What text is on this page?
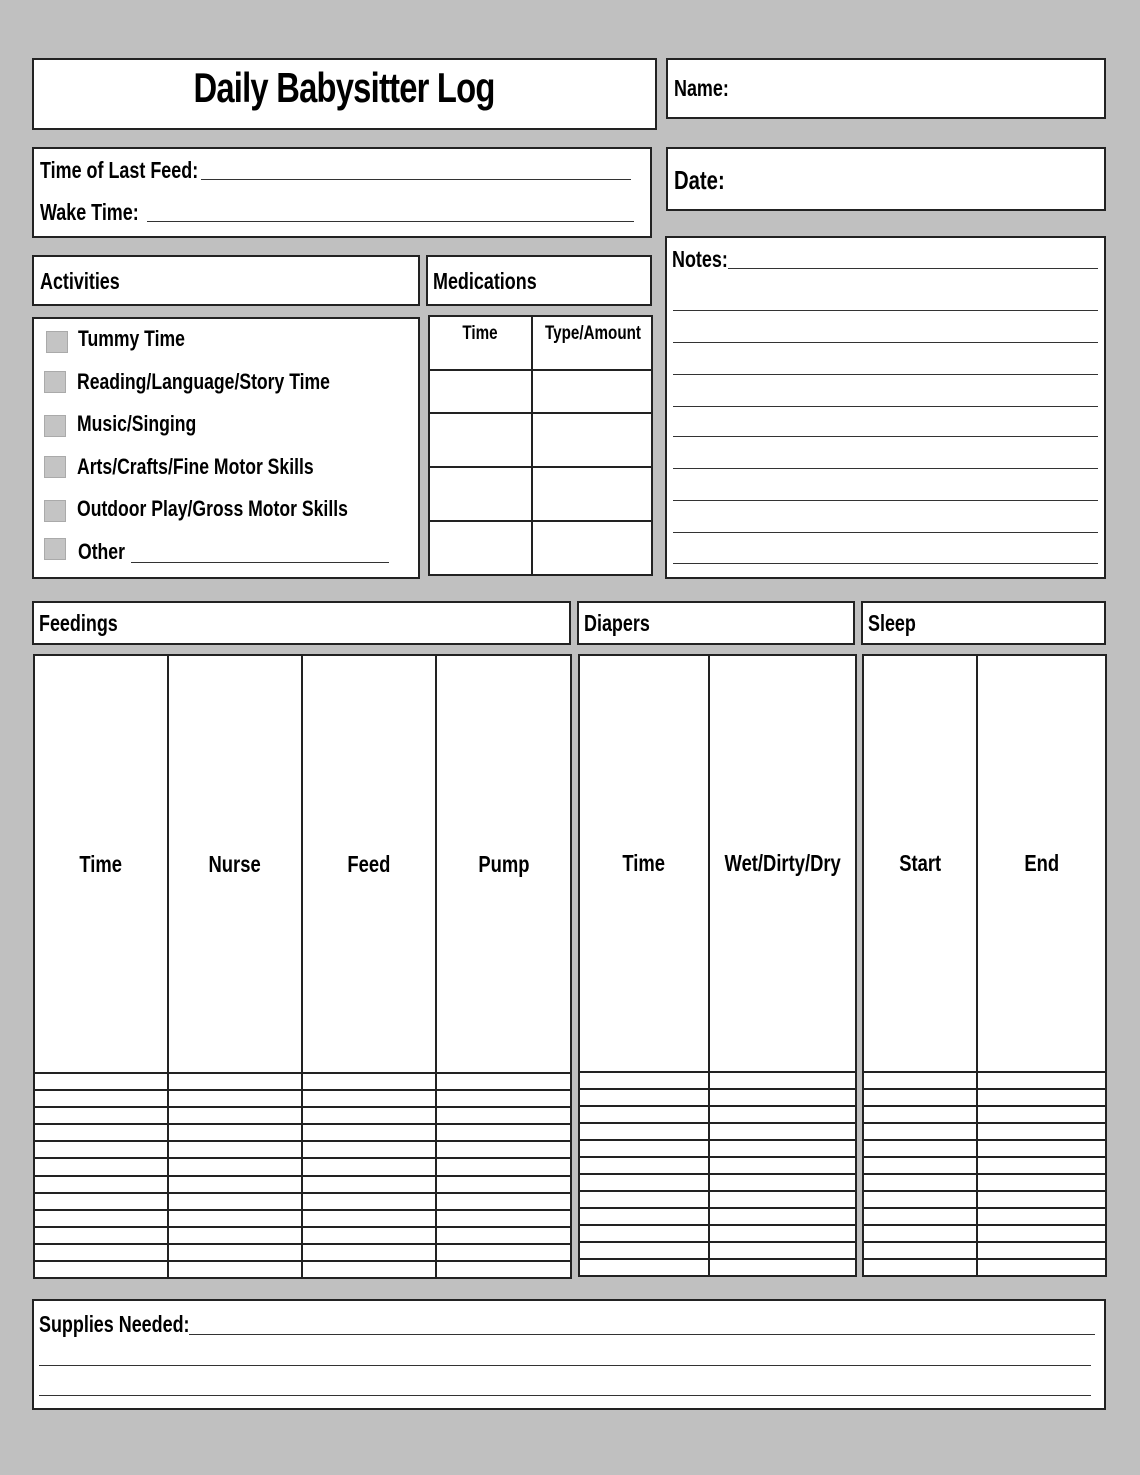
Daily Babysitter Log	Name:
Time of Last Feed:
Wake Time:
Date:
Activities	Medications
Notes:
Tummy Time
Reading/Language/Story Time
Music/Singing
Arts/Crafts/Fine Motor Skills
Outdoor Play/Gross Motor Skills
Other
Time	Type/Amount

Feedings	Diapers	Sleep
Time	Nurse	Feed	Pump

				Time	Wet/Dirty/Dry

		Start	End

Supplies Needed:
